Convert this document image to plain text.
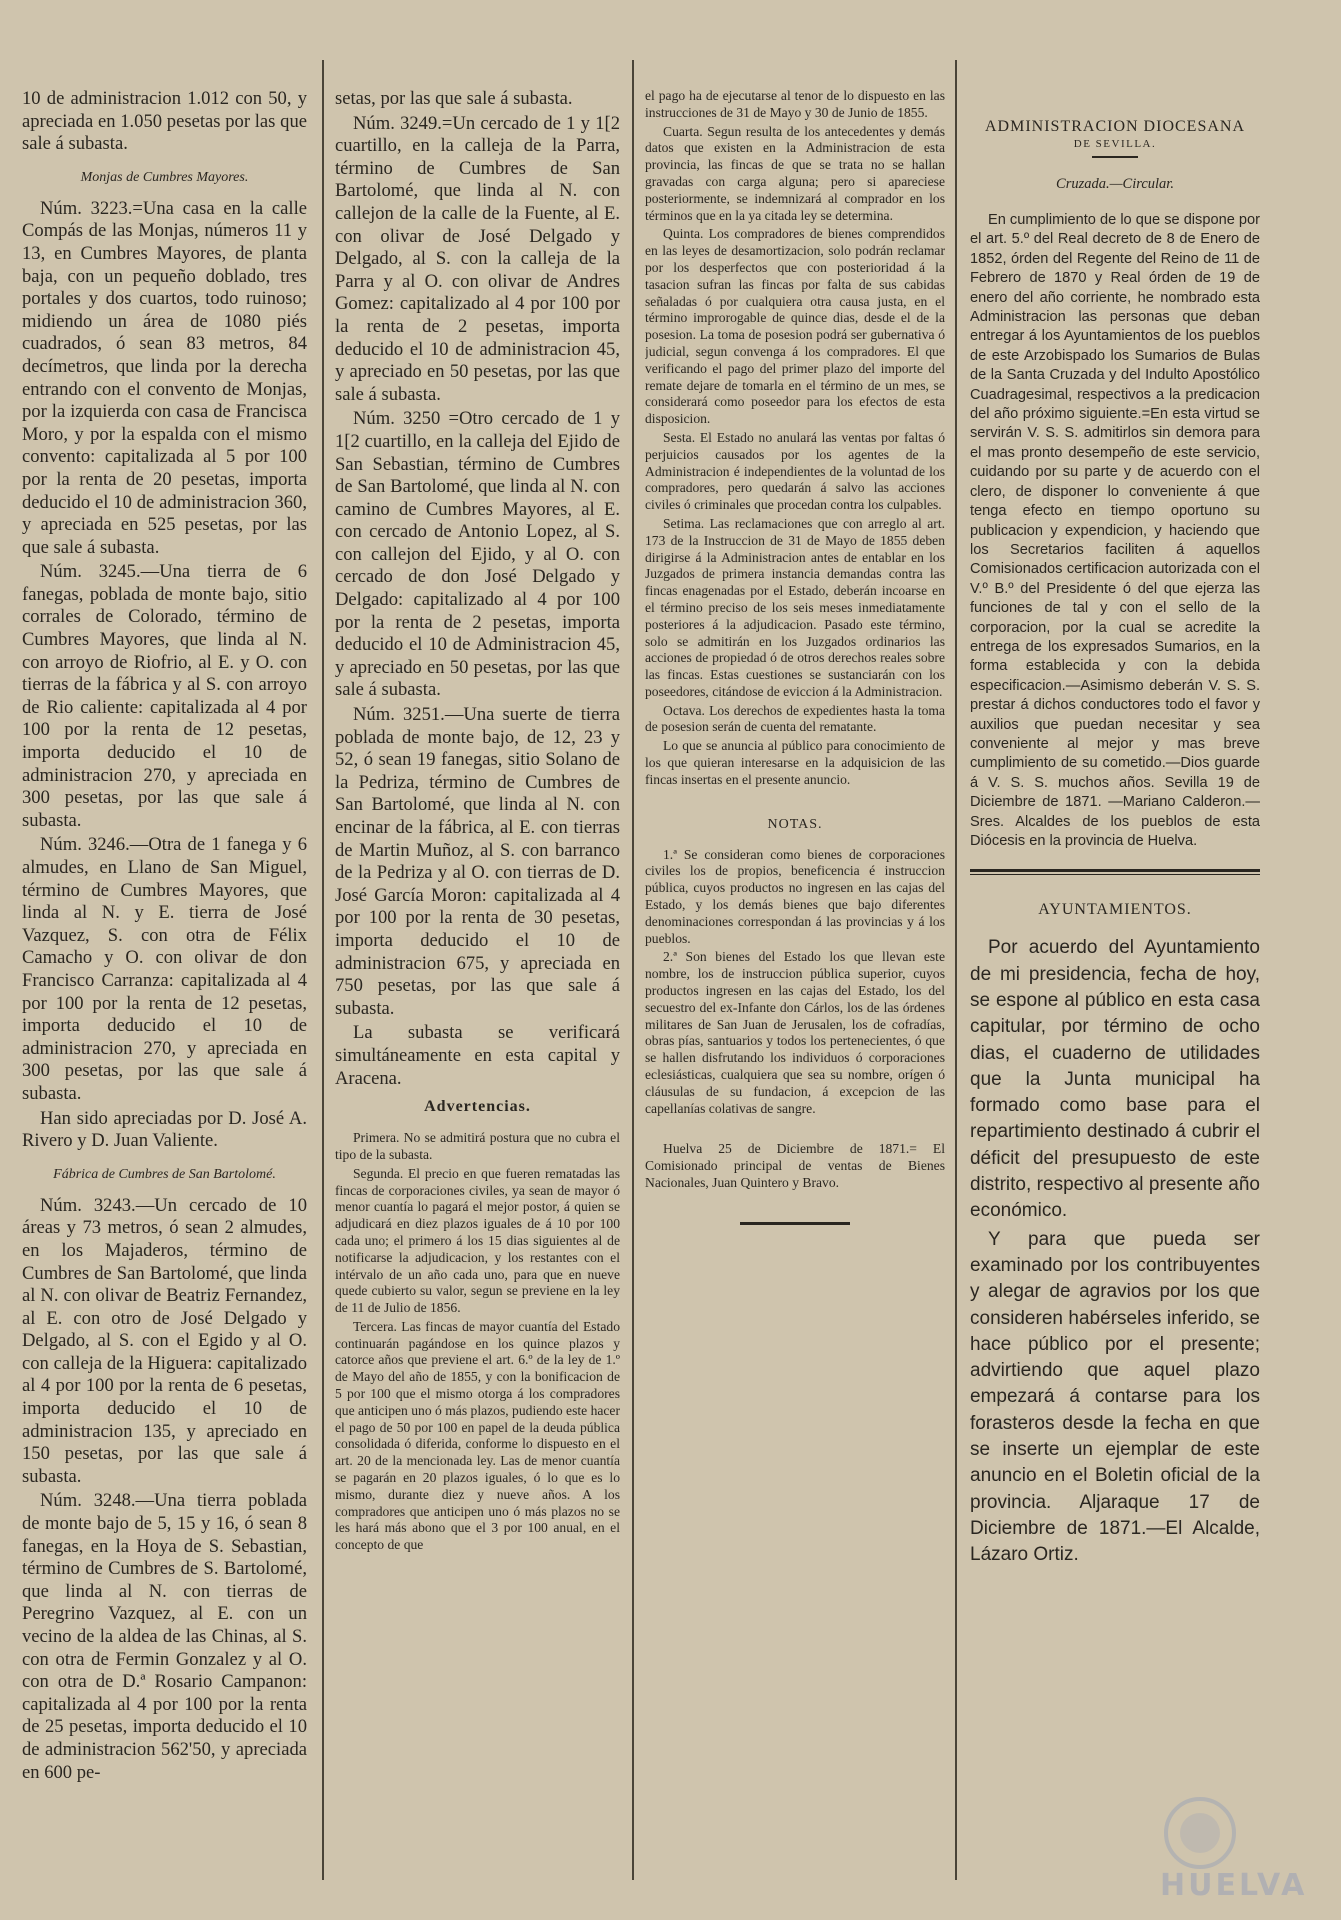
10 de administracion 1.012 con 50, y apreciada en 1.050 pesetas por las que sale á subasta.

Monjas de Cumbres Mayores.

Núm. 3223.=Una casa en la calle Compás de las Monjas, números 11 y 13, en Cumbres Mayores, de planta baja, con un pequeño doblado, tres portales y dos cuartos, todo ruinoso; midiendo un área de 1080 piés cuadrados, ó sean 83 metros, 84 decímetros, que linda por la derecha entrando con el convento de Monjas, por la izquierda con casa de Francisca Moro, y por la espalda con el mismo convento: capitalizada al 5 por 100 por la renta de 20 pesetas, importa deducido el 10 de administracion 360, y apreciada en 525 pesetas, por las que sale á subasta.

Núm. 3245.—Una tierra de 6 fanegas, poblada de monte bajo, sitio corrales de Colorado, término de Cumbres Mayores, que linda al N. con arroyo de Riofrio, al E. y O. con tierras de la fábrica y al S. con arroyo de Rio caliente: capitalizada al 4 por 100 por la renta de 12 pesetas, importa deducido el 10 de administracion 270, y apreciada en 300 pesetas, por las que sale á subasta.

Núm. 3246.—Otra de 1 fanega y 6 almudes, en Llano de San Miguel, término de Cumbres Mayores, que linda al N. y E. tierra de José Vazquez, S. con otra de Félix Camacho y O. con olivar de don Francisco Carranza: capitalizada al 4 por 100 por la renta de 12 pesetas, importa deducido el 10 de administracion 270, y apreciada en 300 pesetas, por las que sale á subasta.

Han sido apreciadas por D. José A. Rivero y D. Juan Valiente.

Fábrica de Cumbres de San Bartolomé.

Núm. 3243.—Un cercado de 10 áreas y 73 metros, ó sean 2 almudes, en los Majaderos, término de Cumbres de San Bartolomé, que linda al N. con olivar de Beatriz Fernandez, al E. con otro de José Delgado y Delgado, al S. con el Egido y al O. con calleja de la Higuera: capitalizado al 4 por 100 por la renta de 6 pesetas, importa deducido el 10 de administracion 135, y apreciado en 150 pesetas, por las que sale á subasta.

Núm. 3248.—Una tierra poblada de monte bajo de 5, 15 y 16, ó sean 8 fanegas, en la Hoya de S. Sebastian, término de Cumbres de S. Bartolomé, que linda al N. con tierras de Peregrino Vazquez, al E. con un vecino de la aldea de las Chinas, al S. con otra de Fermin Gonzalez y al O. con otra de D.ª Rosario Campanon: capitalizada al 4 por 100 por la renta de 25 pesetas, importa deducido el 10 de administracion 562'50, y apreciada en 600 pe-

setas, por las que sale á subasta.

Núm. 3249.=Un cercado de 1 y 1[2 cuartillo, en la calleja de la Parra, término de Cumbres de San Bartolomé, que linda al N. con callejon de la calle de la Fuente, al E. con olivar de José Delgado y Delgado, al S. con la calleja de la Parra y al O. con olivar de Andres Gomez: capitalizado al 4 por 100 por la renta de 2 pesetas, importa deducido el 10 de administracion 45, y apreciado en 50 pesetas, por las que sale á subasta.

Núm. 3250 =Otro cercado de 1 y 1[2 cuartillo, en la calleja del Ejido de San Sebastian, término de Cumbres de San Bartolomé, que linda al N. con camino de Cumbres Mayores, al E. con cercado de Antonio Lopez, al S. con callejon del Ejido, y al O. con cercado de don José Delgado y Delgado: capitalizado al 4 por 100 por la renta de 2 pesetas, importa deducido el 10 de Administracion 45, y apreciado en 50 pesetas, por las que sale á subasta.

Núm. 3251.—Una suerte de tierra poblada de monte bajo, de 12, 23 y 52, ó sean 19 fanegas, sitio Solano de la Pedriza, término de Cumbres de San Bartolomé, que linda al N. con encinar de la fábrica, al E. con tierras de Martin Muñoz, al S. con barranco de la Pedriza y al O. con tierras de D. José García Moron: capitalizada al 4 por 100 por la renta de 30 pesetas, importa deducido el 10 de administracion 675, y apreciada en 750 pesetas, por las que sale á subasta.

La subasta se verificará simultáneamente en esta capital y Aracena.

Advertencias.

Primera. No se admitirá postura que no cubra el tipo de la subasta.

Segunda. El precio en que fueren rematadas las fincas de corporaciones civiles, ya sean de mayor ó menor cuantía lo pagará el mejor postor, á quien se adjudicará en diez plazos iguales de á 10 por 100 cada uno; el primero á los 15 dias siguientes al de notificarse la adjudicacion, y los restantes con el intérvalo de un año cada uno, para que en nueve quede cubierto su valor, segun se previene en la ley de 11 de Julio de 1856.

Tercera. Las fincas de mayor cuantía del Estado continuarán pagándose en los quince plazos y catorce años que previene el art. 6.º de la ley de 1.º de Mayo del año de 1855, y con la bonificacion de 5 por 100 que el mismo otorga á los compradores que anticipen uno ó más plazos, pudiendo este hacer el pago de 50 por 100 en papel de la deuda pública consolidada ó diferida, conforme lo dispuesto en el art. 20 de la mencionada ley. Las de menor cuantía se pagarán en 20 plazos iguales, ó lo que es lo mismo, durante diez y nueve años. A los compradores que anticipen uno ó más plazos no se les hará más abono que el 3 por 100 anual, en el concepto de que

el pago ha de ejecutarse al tenor de lo dispuesto en las instrucciones de 31 de Mayo y 30 de Junio de 1855.

Cuarta. Segun resulta de los antecedentes y demás datos que existen en la Administracion de esta provincia, las fincas de que se trata no se hallan gravadas con carga alguna; pero si apareciese posteriormente, se indemnizará al comprador en los términos que en la ya citada ley se determina.

Quinta. Los compradores de bienes comprendidos en las leyes de desamortizacion, solo podrán reclamar por los desperfectos que con posterioridad á la tasacion sufran las fincas por falta de sus cabidas señaladas ó por cualquiera otra causa justa, en el término improrogable de quince dias, desde el de la posesion. La toma de posesion podrá ser gubernativa ó judicial, segun convenga á los compradores. El que verificando el pago del primer plazo del importe del remate dejare de tomarla en el término de un mes, se considerará como poseedor para los efectos de esta disposicion.

Sesta. El Estado no anulará las ventas por faltas ó perjuicios causados por los agentes de la Administracion é independientes de la voluntad de los compradores, pero quedarán á salvo las acciones civiles ó criminales que procedan contra los culpables.

Setima. Las reclamaciones que con arreglo al art. 173 de la Instruccion de 31 de Mayo de 1855 deben dirigirse á la Administracion antes de entablar en los Juzgados de primera instancia demandas contra las fincas enagenadas por el Estado, deberán incoarse en el término preciso de los seis meses inmediatamente posteriores á la adjudicacion. Pasado este término, solo se admitirán en los Juzgados ordinarios las acciones de propiedad ó de otros derechos reales sobre las fincas. Estas cuestiones se sustanciarán con los poseedores, citándose de eviccion á la Administracion.

Octava. Los derechos de expedientes hasta la toma de posesion serán de cuenta del rematante.

Lo que se anuncia al público para conocimiento de los que quieran interesarse en la adquisicion de las fincas insertas en el presente anuncio.

NOTAS.

1.ª Se consideran como bienes de corporaciones civiles los de propios, beneficencia é instruccion pública, cuyos productos no ingresen en las cajas del Estado, y los demás bienes que bajo diferentes denominaciones correspondan á las provincias y á los pueblos.

2.ª Son bienes del Estado los que llevan este nombre, los de instruccion pública superior, cuyos productos ingresen en las cajas del Estado, los del secuestro del ex-Infante don Cárlos, los de las órdenes militares de San Juan de Jerusalen, los de cofradías, obras pías, santuarios y todos los pertenecientes, ó que se hallen disfrutando los individuos ó corporaciones eclesiásticas, cualquiera que sea su nombre, orígen ó cláusulas de su fundacion, á excepcion de las capellanías colativas de sangre.

Huelva 25 de Diciembre de 1871.= El Comisionado principal de ventas de Bienes Nacionales, Juan Quintero y Bravo.

ADMINISTRACION DIOCESANA
DE SEVILLA.
Cruzada.—Circular.

En cumplimiento de lo que se dispone por el art. 5.º del Real decreto de 8 de Enero de 1852, órden del Regente del Reino de 11 de Febrero de 1870 y Real órden de 19 de enero del año corriente, he nombrado esta Administracion las personas que deban entregar á los Ayuntamientos de los pueblos de este Arzobispado los Sumarios de Bulas de la Santa Cruzada y del Indulto Apostólico Cuadragesimal, respectivos a la predicacion del año próximo siguiente.=En esta virtud se servirán V. S. S. admitirlos sin demora para el mas pronto desempeño de este servicio, cuidando por su parte y de acuerdo con el clero, de disponer lo conveniente á que tenga efecto en tiempo oportuno su publicacion y expendicion, y haciendo que los Secretarios faciliten á aquellos Comisionados certificacion autorizada con el V.º B.º del Presidente ó del que ejerza las funciones de tal y con el sello de la corporacion, por la cual se acredite la entrega de los expresados Sumarios, en la forma establecida y con la debida especificacion.—Asimismo deberán V. S. S. prestar á dichos conductores todo el favor y auxilios que puedan necesitar y sea conveniente al mejor y mas breve cumplimiento de su cometido.—Dios guarde á V. S. S. muchos años. Sevilla 19 de Diciembre de 1871. —Mariano Calderon.—Sres. Alcaldes de los pueblos de esta Diócesis en la provincia de Huelva.

AYUNTAMIENTOS.

Por acuerdo del Ayuntamiento de mi presidencia, fecha de hoy, se espone al público en esta casa capitular, por término de ocho dias, el cuaderno de utilidades que la Junta municipal ha formado como base para el repartimiento destinado á cubrir el déficit del presupuesto de este distrito, respectivo al presente año económico.

Y para que pueda ser examinado por los contribuyentes y alegar de agravios por los que consideren habérseles inferido, se hace público por el presente; advirtiendo que aquel plazo empezará á contarse para los forasteros desde la fecha en que se inserte un ejemplar de este anuncio en el Boletin oficial de la provincia. Aljaraque 17 de Diciembre de 1871.—El Alcalde, Lázaro Ortiz.

HUELVA
